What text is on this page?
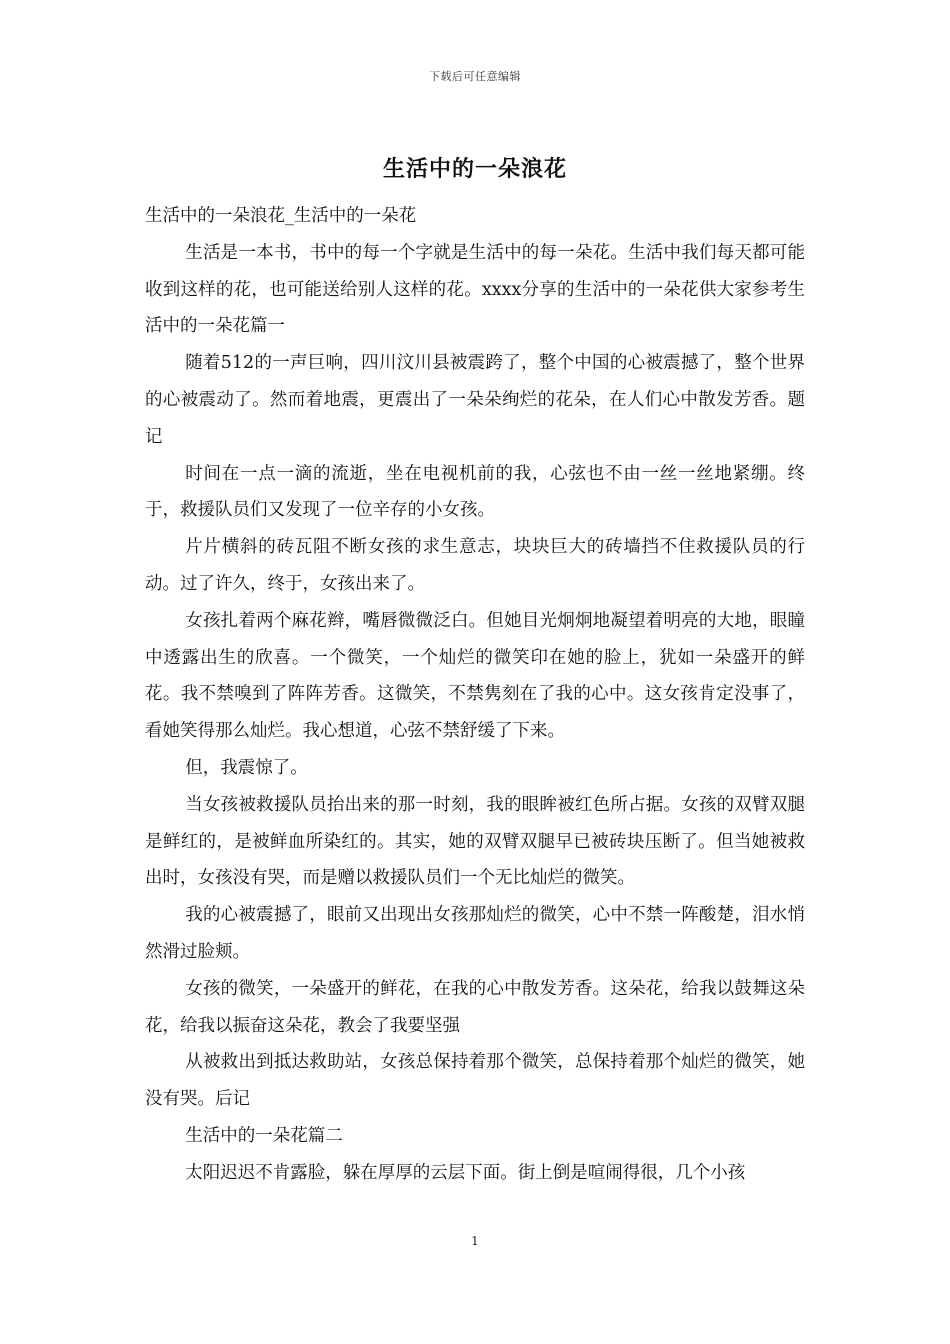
下载后可任意编辑
生活中的一朵浪花

生活中的一朵浪花_生活中的一朵花

生活是一本书，书中的每一个字就是生活中的每一朵花。生活中我们每天都可能收到这样的花，也可能送给别人这样的花。xxxx分享的生活中的一朵花供大家参考生活中的一朵花篇一

随着512的一声巨响，四川汶川县被震跨了，整个中国的心被震撼了，整个世界的心被震动了。然而着地震，更震出了一朵朵绚烂的花朵，在人们心中散发芳香。题记

时间在一点一滴的流逝，坐在电视机前的我，心弦也不由一丝一丝地紧绷。终于，救援队员们又发现了一位辛存的小女孩。

片片横斜的砖瓦阻不断女孩的求生意志，块块巨大的砖墙挡不住救援队员的行动。过了许久，终于，女孩出来了。

女孩扎着两个麻花辫，嘴唇微微泛白。但她目光炯炯地凝望着明亮的大地，眼瞳中透露出生的欣喜。一个微笑，一个灿烂的微笑印在她的脸上，犹如一朵盛开的鲜花。我不禁嗅到了阵阵芳香。这微笑，不禁隽刻在了我的心中。这女孩肯定没事了，看她笑得那么灿烂。我心想道，心弦不禁舒缓了下来。

但，我震惊了。

当女孩被救援队员抬出来的那一时刻，我的眼眸被红色所占据。女孩的双臂双腿是鲜红的，是被鲜血所染红的。其实，她的双臂双腿早已被砖块压断了。但当她被救出时，女孩没有哭，而是赠以救援队员们一个无比灿烂的微笑。

我的心被震撼了，眼前又出现出女孩那灿烂的微笑，心中不禁一阵酸楚，泪水悄然滑过脸颊。

女孩的微笑，一朵盛开的鲜花，在我的心中散发芳香。这朵花，给我以鼓舞这朵花，给我以振奋这朵花，教会了我要坚强

从被救出到抵达救助站，女孩总保持着那个微笑，总保持着那个灿烂的微笑，她没有哭。后记

生活中的一朵花篇二

太阳迟迟不肯露脸，躲在厚厚的云层下面。街上倒是喧闹得很，几个小孩

1
